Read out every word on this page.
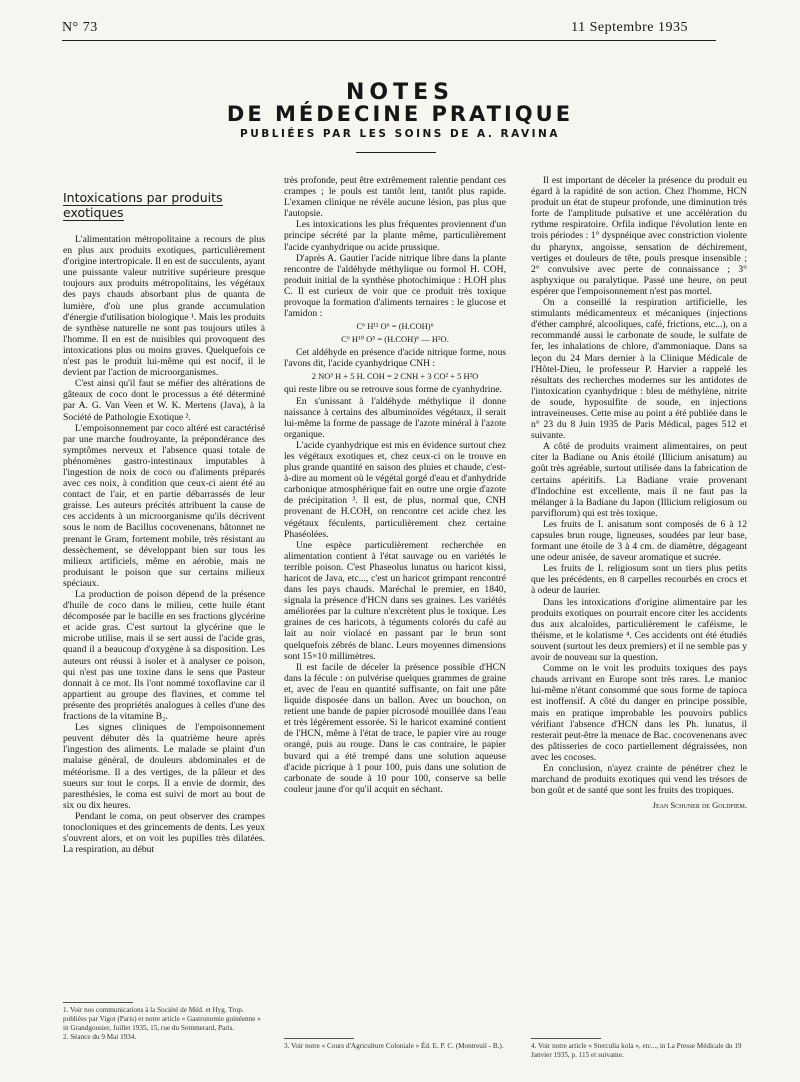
N° 73	11 Septembre 1935
NOTES
DE MÉDECINE PRATIQUE
PUBLIÉES PAR LES SOINS DE A. RAVINA
Intoxications par produits exotiques

L'alimentation métropolitaine a recours de plus en plus aux produits exotiques, particulièrement d'origine intertropicale. Il en est de succulents, ayant une puissante valeur nutritive supérieure presque toujours aux produits métropolitains, les végétaux des pays chauds absorbant plus de quanta de lumière, d'où une plus grande accumulation d'énergie d'utilisation biologique ¹. Mais les produits de synthèse naturelle ne sont pas toujours utiles à l'homme. Il en est de nuisibles qui provoquent des intoxications plus ou moins graves. Quelquefois ce n'est pas le produit lui-même qui est nocif, il le devient par l'action de microorganismes.

C'est ainsi qu'il faut se méfier des altérations de gâteaux de coco dont le processus a été déterminé par A. G. Van Veen et W. K. Mertens (Java), à la Société de Pathologie Exotique ².

L'empoisonnement par coco altéré est caractérisé par une marche foudroyante, la prépondérance des symptômes nerveux et l'absence quasi totale de phénomènes gastro-intestinaux imputables à l'ingestion de noix de coco ou d'aliments préparés avec ces noix, à condition que ceux-ci aient été au contact de l'air, et en partie débarrassés de leur graisse. Les auteurs précités attribuent la cause de ces accidents à un microorganisme qu'ils décrivent sous le nom de Bacillus cocovenenans, bâtonnet ne prenant le Gram, fortement mobile, très résistant au dessèchement, se développant bien sur tous les milieux artificiels, même en aérobie, mais ne produisant le poison que sur certains milieux spéciaux.

La production de poison dépend de la présence d'huile de coco dans le milieu, cette huile étant décomposée par le bacille en ses fractions glycérine et acide gras. C'est surtout la glycérine que le microbe utilise, mais il se sert aussi de l'acide gras, quand il a beaucoup d'oxygène à sa disposition. Les auteurs ont réussi à isoler et à analyser ce poison, qui n'est pas une toxine dans le sens que Pasteur donnait à ce mot. Ils l'ont nommé toxoflavine car il appartient au groupe des flavines, et comme tel présente des propriétés analogues à celles d'une des fractions de la vitamine B₂.

Les signes cliniques de l'empoisonnement peuvent débuter dès la quatrième heure après l'ingestion des aliments. Le malade se plaint d'un malaise général, de douleurs abdominales et de météorisme. Il a des vertiges, de la pâleur et des sueurs sur tout le corps. Il a envie de dormir, des paresthésies, le coma est suivi de mort au bout de six ou dix heures.

Pendant le coma, on peut observer des crampes tonocloniques et des grincements de dents. Les yeux s'ouvrent alors, et on voit les pupilles très dilatées. La respiration, au début

très profonde, peut être extrêmement ralentie pendant ces crampes ; le pouls est tantôt lent, tantôt plus rapide. L'examen clinique ne révèle aucune lésion, pas plus que l'autopsie.

Les intoxications les plus fréquentes proviennent d'un principe sécrété par la plante même, particulièrement l'acide cyanhydrique ou acide prussique.

D'après A. Gautier l'acide nitrique libre dans la plante rencontre de l'aldéhyde méthylique ou formol H. COH, produit initial de la synthèse photochimique : H.OH plus C. Il est curieux de voir que ce produit très toxique provoque la formation d'aliments ternaires : le glucose et l'amidon :

C⁶ H¹² O⁶ = (H.COH)⁶
C⁶ H¹⁰ O⁵ = (H.COH)⁶ — H²O.

Cet aldéhyde en présence d'acide nitrique forme, nous l'avons dit, l'acide cyanhydrique CNH :

2 NO³ H + 5 H. COH = 2 CNH + 3 CO² + 5 H²O

qui reste libre ou se retrouve sous forme de cyanhydrine.

En s'unissant à l'aldéhyde méthylique il donne naissance à certains des albuminoïdes végétaux, il serait lui-même la forme de passage de l'azote minéral à l'azote organique.

L'acide cyanhydrique est mis en évidence surtout chez les végétaux exotiques et, chez ceux-ci on le trouve en plus grande quantité en saison des pluies et chaude, c'est-à-dire au moment où le végétal gorgé d'eau et d'anhydride carbonique atmosphérique fait en outre une orgie d'azote de précipitation ³. Il est, de plus, normal que, CNH provenant de H.COH, on rencontre cet acide chez les végétaux féculents, particulièrement chez certaine Phaséolées.

Une espèce particulièrement recherchée en alimentation contient à l'état sauvage ou en variétés le terrible poison. C'est Phaseolus lunatus ou haricot kissi, haricot de Java, etc..., c'est un haricot grimpant rencontré dans les pays chauds. Maréchal le premier, en 1840, signala la présence d'HCN dans ses graines. Les variétés améliorées par la culture n'excrètent plus le toxique. Les graines de ces haricots, à téguments colorés du café au lait au noir violacé en passant par le brun sont quelquefois zébrés de blanc. Leurs moyennes dimensions sont 15×10 millimètres.

Il est facile de déceler la présence possible d'HCN dans la fécule : on pulvérise quelques grammes de graine et, avec de l'eau en quantité suffisante, on fait une pâte liquide disposée dans un ballon. Avec un bouchon, on retient une bande de papier picrosodé mouillée dans l'eau et très légèrement essorée. Si le haricot examiné contient de l'HCN, même à l'état de trace, le papier vire au rouge orangé, puis au rouge. Dans le cas contraire, le papier buvard qui a été trempé dans une solution aqueuse d'acide picrique à 1 pour 100, puis dans une solution de carbonate de soude à 10 pour 100, conserve sa belle couleur jaune d'or qu'il acquit en séchant.

Il est important de déceler la présence du produit eu égard à la rapidité de son action. Chez l'homme, HCN produit un état de stupeur profonde, une diminution très forte de l'amplitude pulsative et une accélération du rythme respiratoire. Orfila indique l'évolution lente en trois périodes : 1° dyspnéique avec constriction violente du pharynx, angoisse, sensation de déchirement, vertiges et douleurs de tête, pouls presque insensible ; 2° convulsive avec perte de connaissance ; 3° asphyxique ou paralytique. Passé une heure, on peut espérer que l'empoisonnement n'est pas mortel.

On a conseillé la respiration artificielle, les stimulants médicamenteux et mécaniques (injections d'éther camphré, alcooliques, café, frictions, etc...), on a recommandé aussi le carbonate de soude, le sulfate de fer, les inhalations de chlore, d'ammoniaque. Dans sa leçon du 24 Mars dernier à la Clinique Médicale de l'Hôtel-Dieu, le professeur P. Harvier a rappelé les résultats des recherches modernes sur les antidotes de l'intoxication cyanhydrique : bleu de méthylène, nitrite de soude, hyposulfite de soude, en injections intraveineuses. Cette mise au point a été publiée dans le n° 23 du 8 Juin 1935 de Paris Médical, pages 512 et suivante.

A côté de produits vraiment alimentaires, on peut citer la Badiane ou Anis étoilé (Illicium anisatum) au goût très agréable, surtout utilisée dans la fabrication de certains apéritifs. La Badiane vraie provenant d'Indochine est excellente, mais il ne faut pas la mélanger à la Badiane du Japon (Illicium religiosum ou parviflorum) qui est très toxique.

Les fruits de I. anisatum sont composés de 6 à 12 capsules brun rouge, ligneuses, soudées par leur base, formant une étoile de 3 à 4 cm. de diamètre, dégageant une odeur anisée, de saveur aromatique et sucrée.

Les fruits de I. religiosum sont un tiers plus petits que les précédents, en 8 carpelles recourbés en crocs et à odeur de laurier.

Dans les intoxications d'origine alimentaire par les produits exotiques on pourrait encore citer les accidents dus aux alcaloïdes, particulièrement le caféisme, le théisme, et le kolatisme ⁴. Ces accidents ont été étudiés souvent (surtout les deux premiers) et il ne semble pas y avoir de nouveau sur la question.

Comme on le voit les produits toxiques des pays chauds arrivant en Europe sont très rares. Le manioc lui-même n'étant consommé que sous forme de tapioca est inoffensif. A côté du danger en principe possible, mais en pratique improbable les pouvoirs publics vérifiant l'absence d'HCN dans les Ph. lunatus, il resterait peut-être la menace de Bac. cocovenenans avec des pâtisseries de coco partiellement dégraissées, non avec les cocoses.

En conclusion, n'ayez crainte de pénétrer chez le marchand de produits exotiques qui vend les trésors de bon goût et de santé que sont les fruits des tropiques.

Jean Schuner de Goldfiem.

1. Voir nos communications à la Société de Méd. et Hyg. Trop. publiées par Vigot (Paris) et notre article « Gastronomie guinéenne » in Grandgousier, Juillet 1935, 15, rue du Sommerard, Paris.

2. Séance du 9 Mai 1934.

3. Voir notre « Cours d'Agriculture Coloniale » Éd. E. P. C. (Montreuil - B.).	4. Voir notre article « Sterculia kola », etc..., in La Presse Médicale du 19 Janvier 1935, p. 115 et suivante.
